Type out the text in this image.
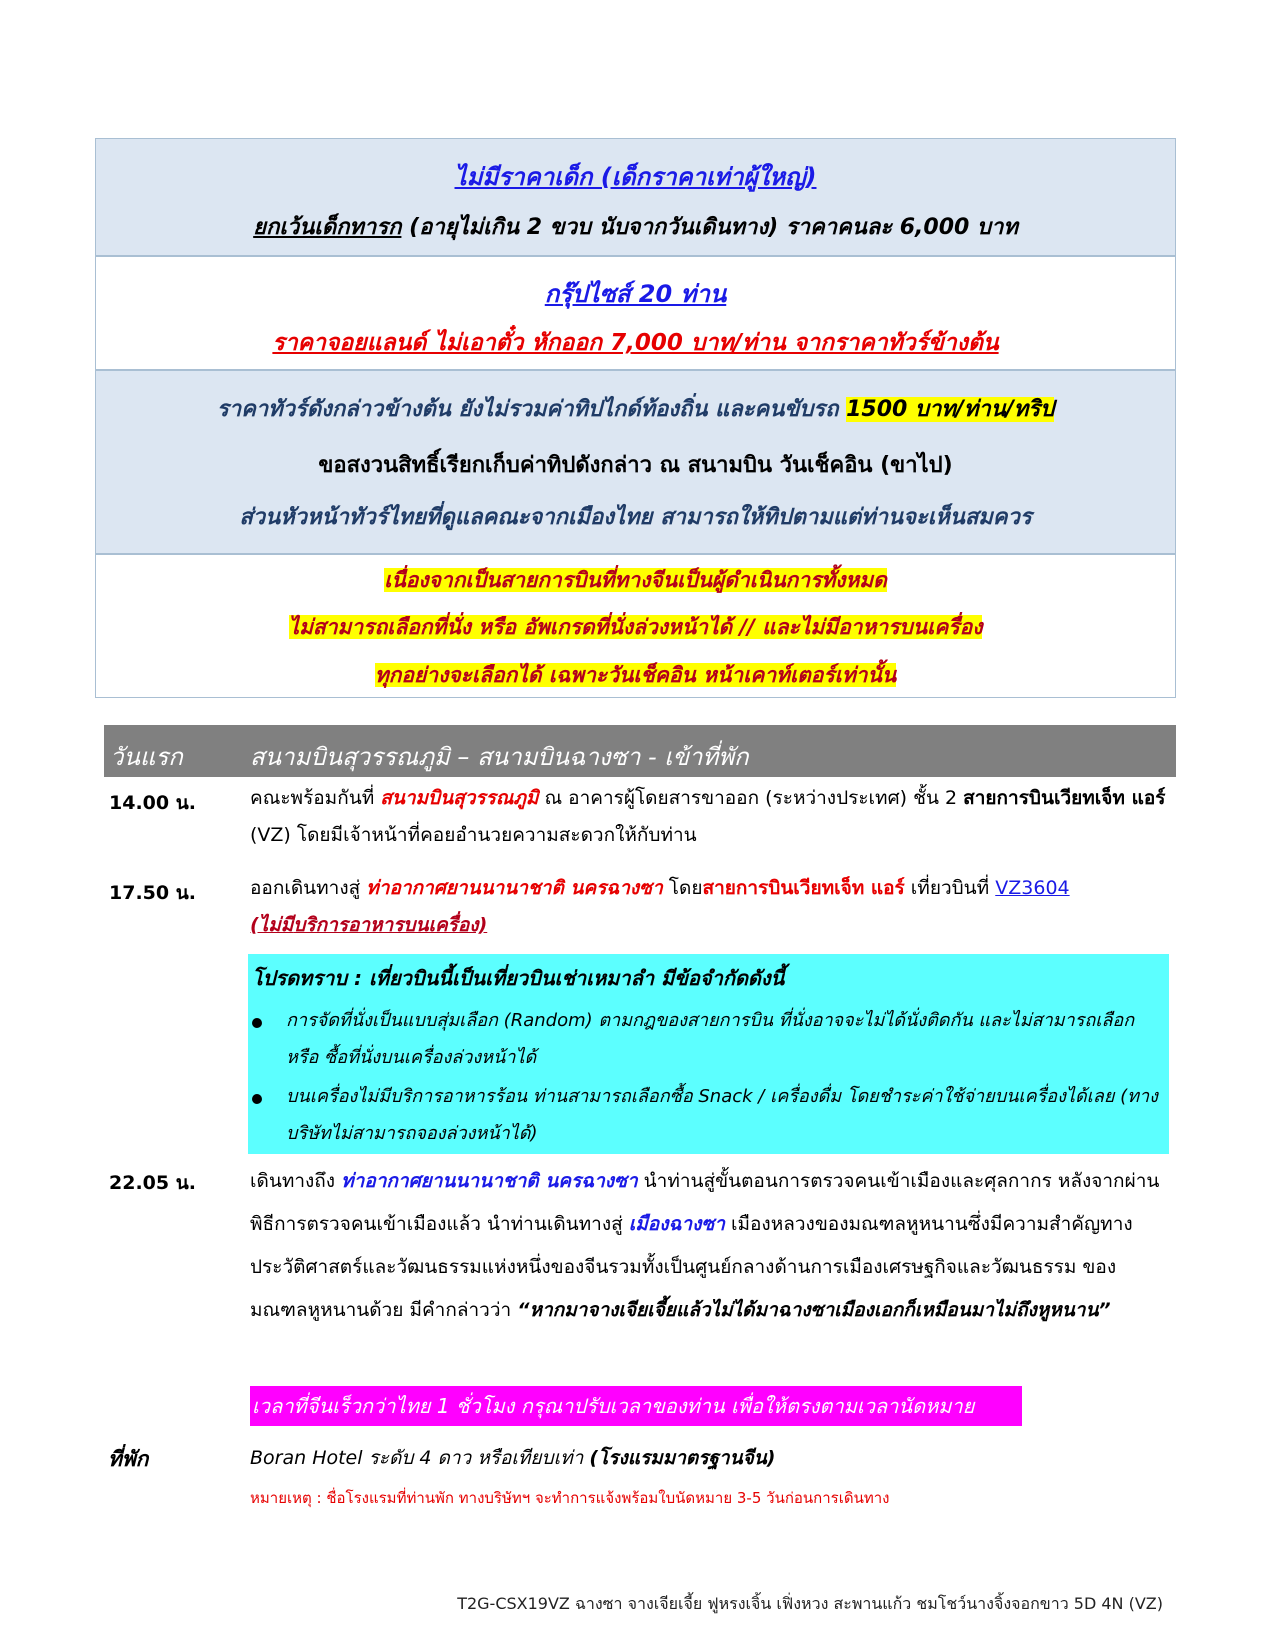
ไม่มีราคาเด็ก (เด็กราคาเท่าผู้ใหญ่)
ยกเว้นเด็กทารก (อายุไม่เกิน 2 ขวบ นับจากวันเดินทาง) ราคาคนละ 6,000 บาท
กรุ๊ปไซส์ 20 ท่าน
ราคาจอยแลนด์ ไม่เอาตั๋ว หักออก 7,000 บาท/ท่าน จากราคาทัวร์ข้างต้น
ราคาทัวร์ดังกล่าวข้างต้น ยังไม่รวมค่าทิปไกด์ท้องถิ่น และคนขับรถ 1500 บาท/ท่าน/ทริป
ขอสงวนสิทธิ์เรียกเก็บค่าทิปดังกล่าว ณ สนามบิน วันเช็คอิน (ขาไป)
ส่วนหัวหน้าทัวร์ไทยที่ดูแลคณะจากเมืองไทย สามารถให้ทิปตามแต่ท่านจะเห็นสมควร
เนื่องจากเป็นสายการบินที่ทางจีนเป็นผู้ดำเนินการทั้งหมด
ไม่สามารถเลือกที่นั่ง หรือ อัพเกรดที่นั่งล่วงหน้าได้ // และไม่มีอาหารบนเครื่อง
ทุกอย่างจะเลือกได้ เฉพาะวันเช็คอิน หน้าเคาท์เตอร์เท่านั้น
วันแรก	สนามบินสุวรรณภูมิ – สนามบินฉางซา - เข้าที่พัก
14.00 น.	คณะพร้อมกันที่ สนามบินสุวรรณภูมิ ณ อาคารผู้โดยสารขาออก (ระหว่างประเทศ) ชั้น 2 สายการบินเวียทเจ็ท แอร์ (VZ) โดยมีเจ้าหน้าที่คอยอำนวยความสะดวกให้กับท่าน
17.50 น.	ออกเดินทางสู่ ท่าอากาศยานนานาชาติ นครฉางซา โดยสายการบินเวียทเจ็ท แอร์ เที่ยวบินที่ VZ3604
(ไม่มีบริการอาหารบนเครื่อง)
โปรดทราบ : เที่ยวบินนี้เป็นเที่ยวบินเช่าเหมาลำ มีข้อจำกัดดังนี้
การจัดที่นั่งเป็นแบบสุ่มเลือก (Random) ตามกฎของสายการบิน ที่นั่งอาจจะไม่ได้นั่งติดกัน และไม่สามารถเลือก หรือ ซื้อที่นั่งบนเครื่องล่วงหน้าได้
บนเครื่องไม่มีบริการอาหารร้อน ท่านสามารถเลือกซื้อ Snack / เครื่องดื่ม โดยชำระค่าใช้จ่ายบนเครื่องได้เลย (ทางบริษัทไม่สามารถจองล่วงหน้าได้)
22.05 น.	เดินทางถึง ท่าอากาศยานนานาชาติ นครฉางซา นำท่านสู่ขั้นตอนการตรวจคนเข้าเมืองและศุลกากร หลังจากผ่านพิธีการตรวจคนเข้าเมืองแล้ว นำท่านเดินทางสู่ เมืองฉางซา เมืองหลวงของมณฑลหูหนานซึ่งมีความสำคัญทางประวัติศาสตร์และวัฒนธรรมแห่งหนึ่งของจีนรวมทั้งเป็นศูนย์กลางด้านการเมืองเศรษฐกิจและวัฒนธรรม ของมณฑลหูหนานด้วย มีคำกล่าวว่า “หากมาจางเจียเจี้ยแล้วไม่ได้มาฉางซาเมืองเอกก็เหมือนมาไม่ถึงหูหนาน”
เวลาที่จีนเร็วกว่าไทย 1 ชั่วโมง กรุณาปรับเวลาของท่าน เพื่อให้ตรงตามเวลานัดหมาย
ที่พัก	Boran Hotel ระดับ 4 ดาว หรือเทียบเท่า (โรงแรมมาตรฐานจีน)
หมายเหตุ : ชื่อโรงแรมที่ท่านพัก ทางบริษัทฯ จะทำการแจ้งพร้อมใบนัดหมาย 3-5 วันก่อนการเดินทาง
T2G-CSX19VZ ฉางซา จางเจียเจี้ย ฟูหรงเจิ้น เฟิ่งหวง สะพานแก้ว ชมโชว์นางจิ้งจอกขาว 5D 4N (VZ)
